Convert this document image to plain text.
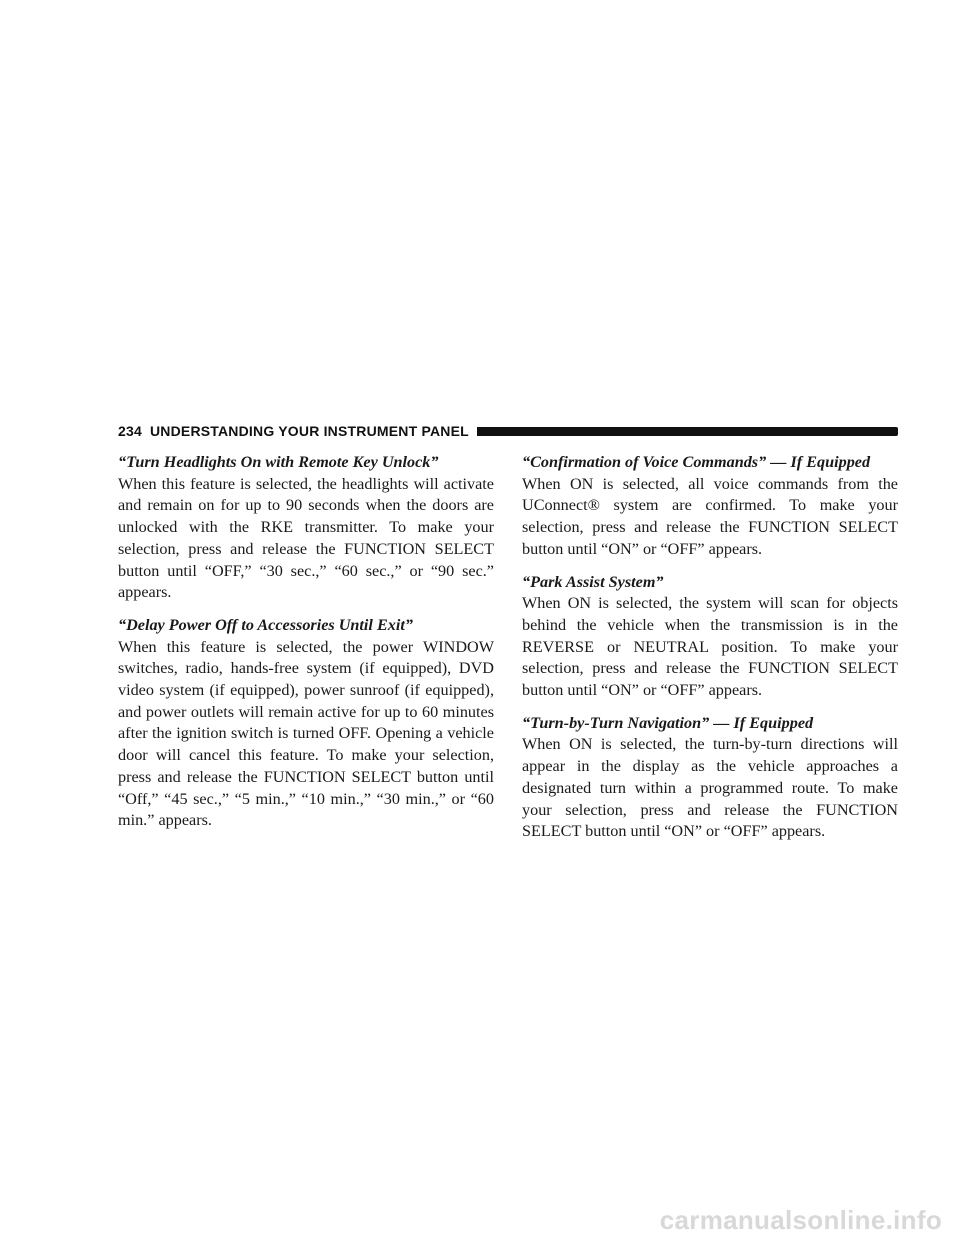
234 UNDERSTANDING YOUR INSTRUMENT PANEL

“Turn Headlights On with Remote Key Unlock”

When this feature is selected, the headlights will activate and remain on for up to 90 seconds when the doors are unlocked with the RKE transmitter. To make your selection, press and release the FUNCTION SELECT button until “OFF,” “30 sec.,” “60 sec.,” or “90 sec.” appears.

“Delay Power Off to Accessories Until Exit”

When this feature is selected, the power WINDOW switches, radio, hands-free system (if equipped), DVD video system (if equipped), power sunroof (if equipped), and power outlets will remain active for up to 60 minutes after the ignition switch is turned OFF. Opening a vehicle door will cancel this feature. To make your selection, press and release the FUNCTION SELECT button until “Off,” “45 sec.,” “5 min.,” “10 min.,” “30 min.,” or “60 min.” appears.

“Confirmation of Voice Commands” — If Equipped

When ON is selected, all voice commands from the UConnect® system are confirmed. To make your selection, press and release the FUNCTION SELECT button until “ON” or “OFF” appears.

“Park Assist System”

When ON is selected, the system will scan for objects behind the vehicle when the transmission is in the REVERSE or NEUTRAL position. To make your selection, press and release the FUNCTION SELECT button until “ON” or “OFF” appears.

“Turn-by-Turn Navigation” — If Equipped

When ON is selected, the turn-by-turn directions will appear in the display as the vehicle approaches a designated turn within a programmed route. To make your selection, press and release the FUNCTION SELECT button until “ON” or “OFF” appears.

carmanualsonline.info
